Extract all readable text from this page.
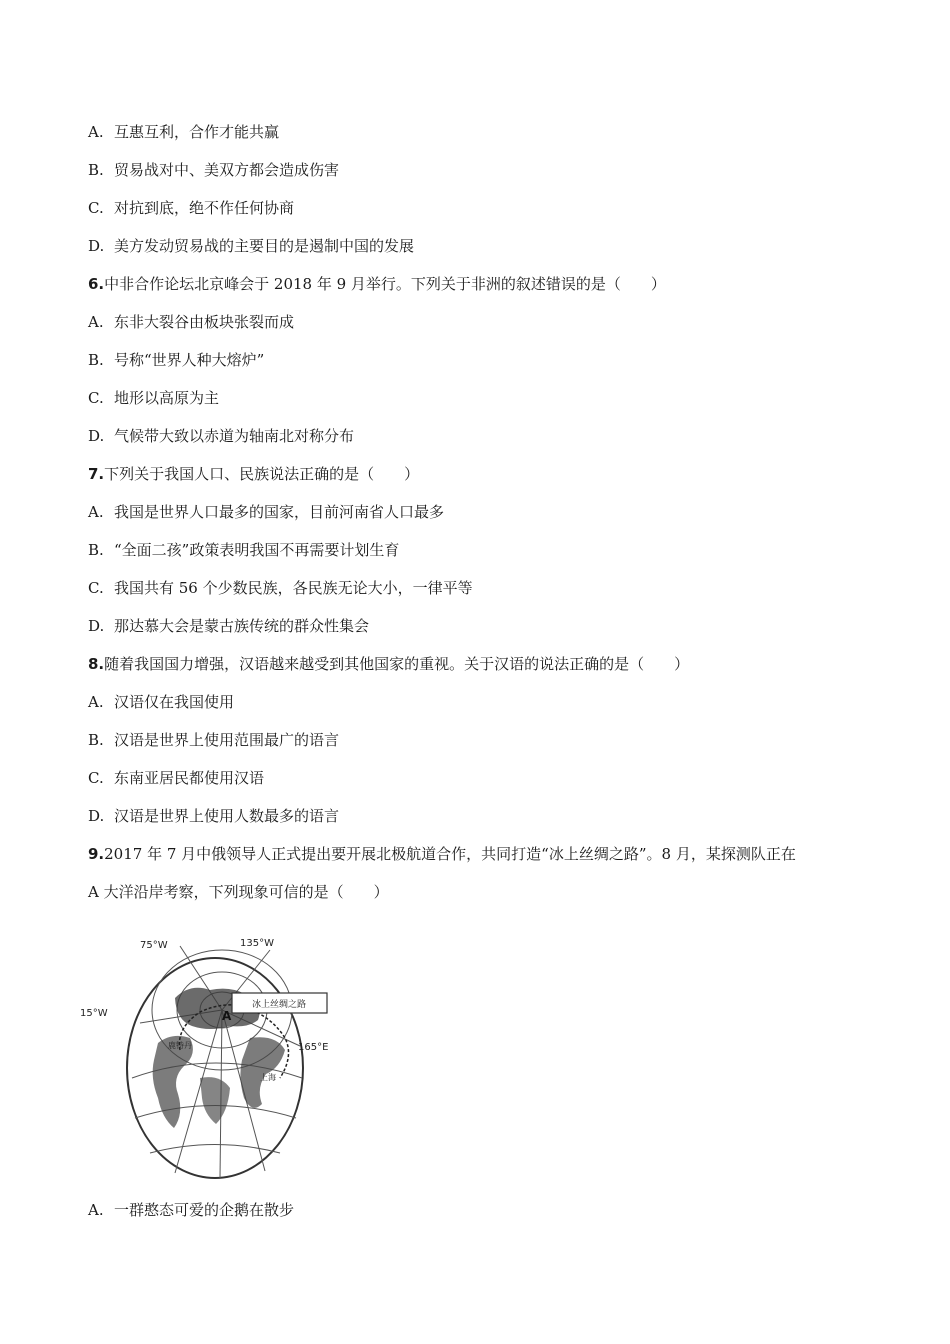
A. 互惠互利，合作才能共赢
B. 贸易战对中、美双方都会造成伤害
C. 对抗到底，绝不作任何协商
D. 美方发动贸易战的主要目的是遏制中国的发展
6.中非合作论坛北京峰会于 2018 年 9 月举行。下列关于非洲的叙述错误的是（　　）
A. 东非大裂谷由板块张裂而成
B. 号称“世界人种大熔炉”
C. 地形以高原为主
D. 气候带大致以赤道为轴南北对称分布
7.下列关于我国人口、民族说法正确的是（　　）
A. 我国是世界人口最多的国家，目前河南省人口最多
B. “全面二孩”政策表明我国不再需要计划生育
C. 我国共有 56 个少数民族，各民族无论大小，一律平等
D. 那达慕大会是蒙古族传统的群众性集会
8.随着我国国力增强，汉语越来越受到其他国家的重视。关于汉语的说法正确的是（　　）
A. 汉语仅在我国使用
B. 汉语是世界上使用范围最广的语言
C. 东南亚居民都使用汉语
D. 汉语是世界上使用人数最多的语言
9.2017 年 7 月中俄领导人正式提出要开展北极航道合作，共同打造“冰上丝绸之路”。8 月，某探测队正在
A 大洋沿岸考察，下列现象可信的是（　　）
冰上丝绸之路
75°W	135°W
15°W
165°E
A
鹿特丹
上海
A. 一群憨态可爱的企鹅在散步
